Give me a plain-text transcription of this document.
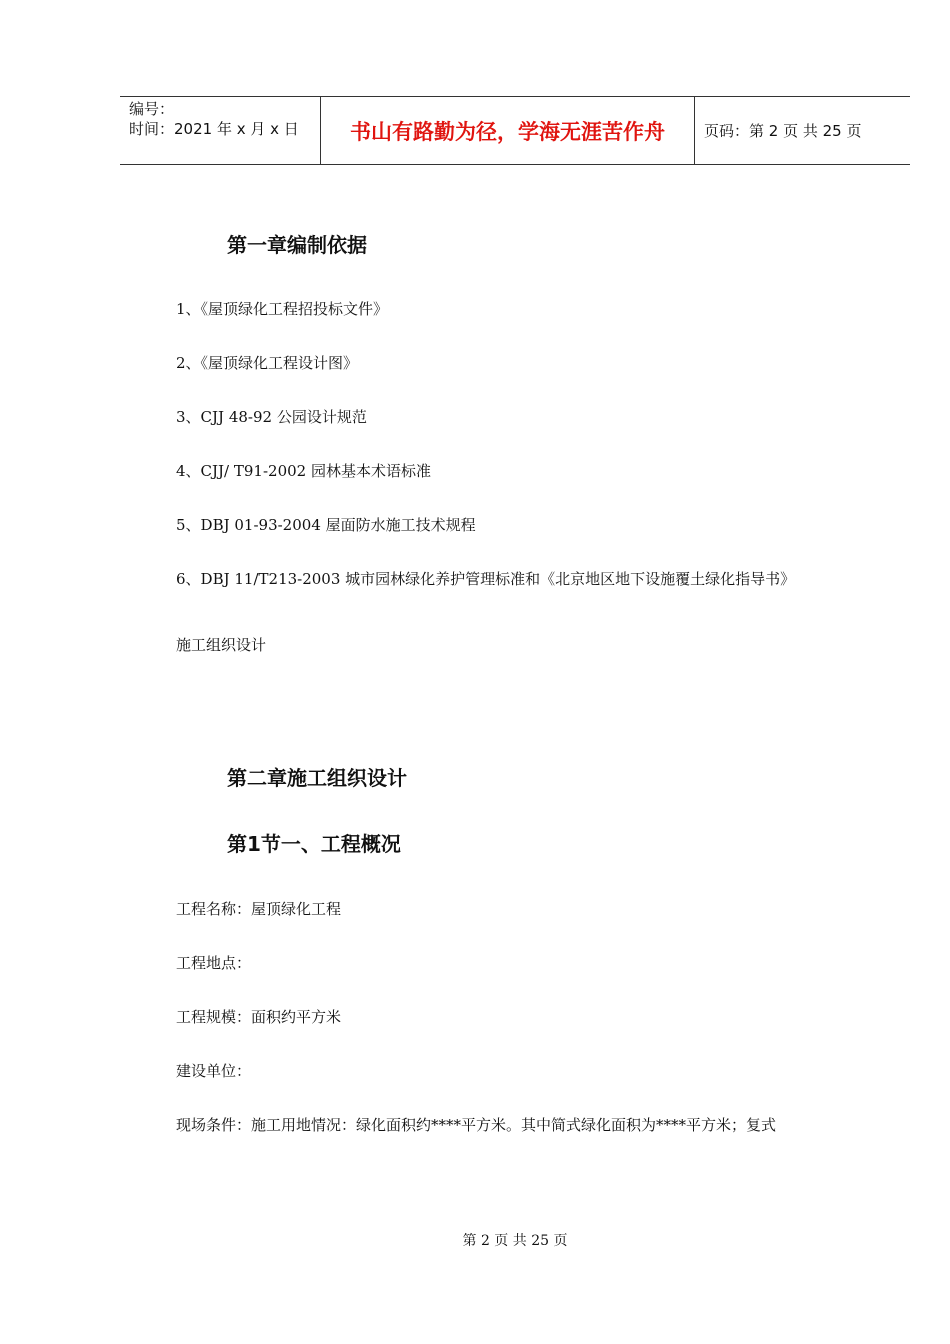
编号：
时间：2021 年 x 月 x 日	书山有路勤为径，学海无涯苦作舟	页码：第 2 页 共 25 页
第一章编制依据
1、《屋顶绿化工程招投标文件》
2、《屋顶绿化工程设计图》
3、CJJ 48-92 公园设计规范
4、CJJ/ T91-2002 园林基本术语标准
5、DBJ 01-93-2004 屋面防水施工技术规程
6、DBJ 11/T213-2003 城市园林绿化养护管理标准和《北京地区地下设施覆土绿化指导书》
施工组织设计
第二章施工组织设计
第1节一、工程概况
工程名称：屋顶绿化工程
工程地点：
工程规模：面积约平方米
建设单位：
现场条件：施工用地情况：绿化面积约****平方米。其中简式绿化面积为****平方米；复式
第 2 页 共 25 页
